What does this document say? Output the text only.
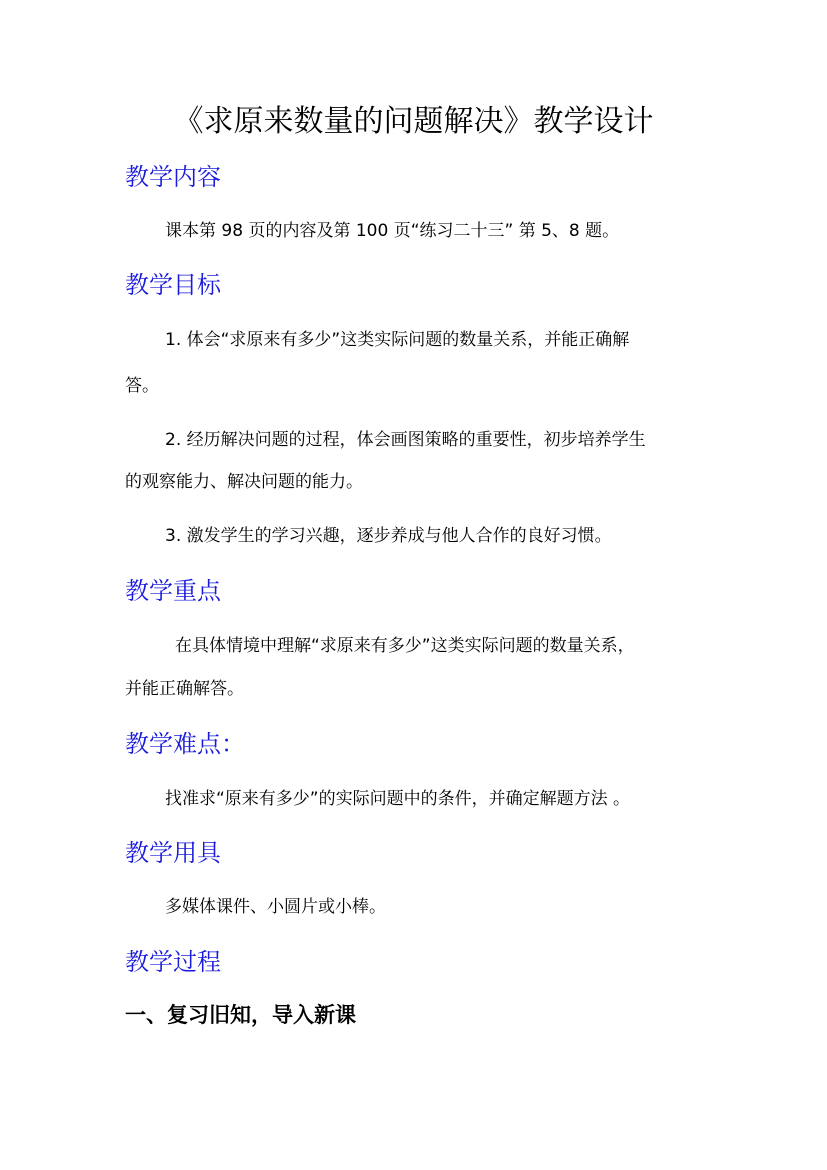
《求原来数量的问题解决》教学设计
教学内容
课本第 98 页的内容及第 100 页“练习二十三” 第 5、8 题。
教学目标
1. 体会“求原来有多少”这类实际问题的数量关系，并能正确解
答。
2. 经历解决问题的过程，体会画图策略的重要性，初步培养学生
的观察能力、解决问题的能力。
3. 激发学生的学习兴趣，逐步养成与他人合作的良好习惯。
教学重点
在具体情境中理解“求原来有多少”这类实际问题的数量关系，
并能正确解答。
教学难点：
找准求“原来有多少”的实际问题中的条件，并确定解题方法 。
教学用具
多媒体课件、小圆片或小棒。
教学过程
一、复习旧知，导入新课
